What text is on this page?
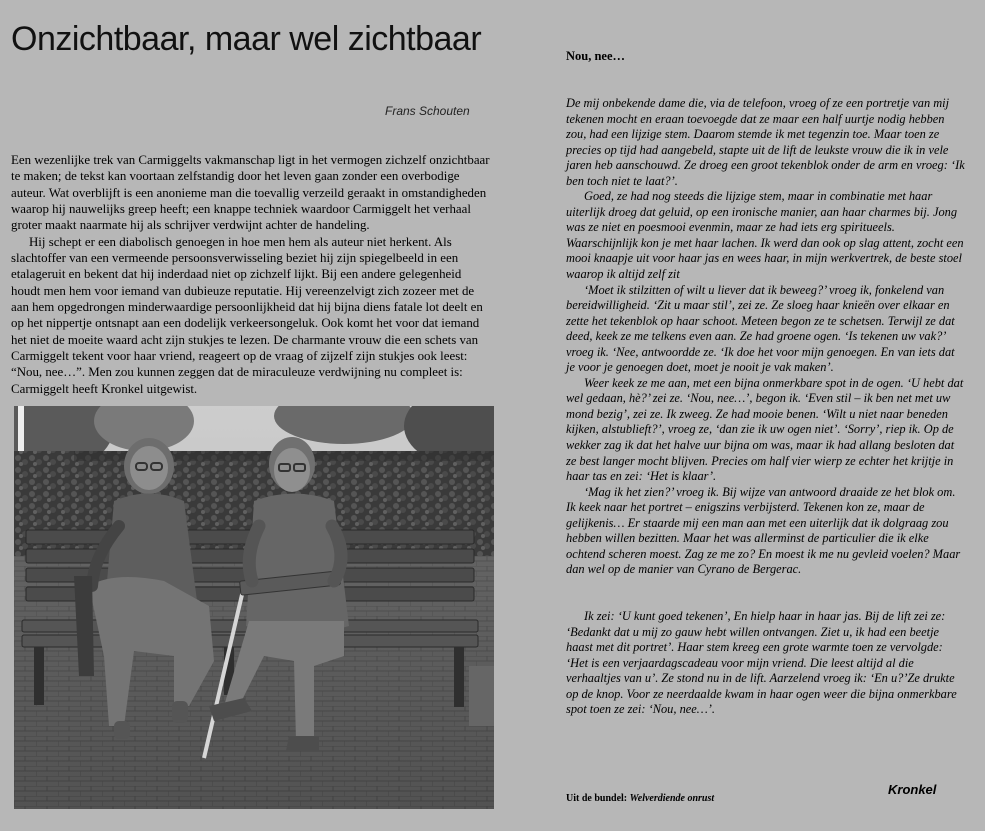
Onzichtbaar, maar wel zichtbaar
Frans Schouten

Een wezenlijke trek van Carmiggelts vakmanschap ligt in het vermogen zichzelf onzichtbaar te maken; de tekst kan voortaan zelfstandig door het leven gaan zonder een overbodige auteur. Wat overblijft is een anonieme man die toevallig verzeild geraakt in omstandigheden waarop hij nauwelijks greep heeft; een knappe techniek waardoor Carmiggelt het verhaal groter maakt naarmate hij als schrijver verdwijnt achter de handeling.

Hij schept er een diabolisch genoegen in hoe men hem als auteur niet herkent. Als slachtoffer van een vermeende persoonsverwisseling beziet hij zijn spiegelbeeld in een etalageruit en bekent dat hij inderdaad niet op zichzelf lijkt. Bij een andere gelegenheid houdt men hem voor iemand van dubieuze reputatie. Hij vereenzelvigt zich zozeer met de aan hem opgedrongen minderwaardige persoonlijkheid dat hij bijna diens fatale lot deelt en op het nippertje ontsnapt aan een dodelijk verkeersongeluk. Ook komt het voor dat iemand het niet de moeite waard acht zijn stukjes te lezen. De charmante vrouw die een schets van Carmiggelt tekent voor haar vriend, reageert op de vraag of zijzelf zijn stukjes ook leest: “Nou, nee…”. Men zou kunnen zeggen dat de miraculeuze verdwijning nu compleet is: Carmiggelt heeft Kronkel uitgewist.

Nou, nee…

De mij onbekende dame die, via de telefoon, vroeg of ze een portretje van mij tekenen mocht en eraan toevoegde dat ze maar een half uurtje nodig hebben zou, had een lijzige stem. Daarom stemde ik met tegenzin toe. Maar toen ze precies op tijd had aangebeld, stapte uit de lift de leukste vrouw die ik in vele jaren heb aanschouwd. Ze droeg een groot tekenblok onder de arm en vroeg: ‘Ik ben toch niet te laat?’.

Goed, ze had nog steeds die lijzige stem, maar in combinatie met haar uiterlijk droeg dat geluid, op een ironische manier, aan haar charmes bij. Jong was ze niet en poesmooi evenmin, maar ze had iets erg spiritueels. Waarschijnlijk kon je met haar lachen. Ik werd dan ook op slag attent, zocht een mooi knaapje uit voor haar jas en wees haar, in mijn werkvertrek, de beste stoel waarop ik altijd zelf zit

‘Moet ik stilzitten of wilt u liever dat ik beweeg?’ vroeg ik, fonkelend van bereidwilligheid. ‘Zit u maar stil’, zei ze. Ze sloeg haar knieën over elkaar en zette het tekenblok op haar schoot. Meteen begon ze te schetsen. Terwijl ze dat deed, keek ze me telkens even aan. Ze had groene ogen. ‘Is tekenen uw vak?’ vroeg ik. ‘Nee, antwoordde ze. ‘Ik doe het voor mijn genoegen. En van iets dat je voor je genoegen doet, moet je nooit je vak maken’.

Weer keek ze me aan, met een bijna onmerkbare spot in de ogen. ‘U hebt dat wel gedaan, hè?’ zei ze. ‘Nou, nee…’, begon ik. ‘Even stil – ik ben net met uw mond bezig’, zei ze. Ik zweeg. Ze had mooie benen. ‘Wilt u niet naar beneden kijken, alstublieft?’, vroeg ze, ‘dan zie ik uw ogen niet’. ‘Sorry’, riep ik. Op de wekker zag ik dat het halve uur bijna om was, maar ik had allang besloten dat ze best langer mocht blijven. Precies om half vier wierp ze echter het krijtje in haar tas en zei: ‘Het is klaar’.

‘Mag ik het zien?’ vroeg ik. Bij wijze van antwoord draaide ze het blok om. Ik keek naar het portret – enigszins verbijsterd. Tekenen kon ze, maar de gelijkenis… Er staarde mij een man aan met een uiterlijk dat ik dolgraag zou hebben willen bezitten. Maar het was allerminst de particulier die ik elke ochtend scheren moest. Zag ze me zo? En moest ik me nu gevleid voelen? Maar dan wel op de manier van Cyrano de Bergerac.

Ik zei: ‘U kunt goed tekenen’, En hielp haar in haar jas. Bij de lift zei ze: ‘Bedankt dat u mij zo gauw hebt willen ontvangen. Ziet u, ik had een beetje haast met dit portret’. Haar stem kreeg een grote warmte toen ze vervolgde: ‘Het is een verjaardagscadeau voor mijn vriend. Die leest altijd al die verhaaltjes van u’. Ze stond nu in de lift. Aarzelend vroeg ik: ‘En u?’Ze drukte op de knop. Voor ze neerdaalde kwam in haar ogen weer die bijna onmerkbare spot toen ze zei: ‘Nou, nee…’.

Kronkel
Uit de bundel: Welverdiende onrust
